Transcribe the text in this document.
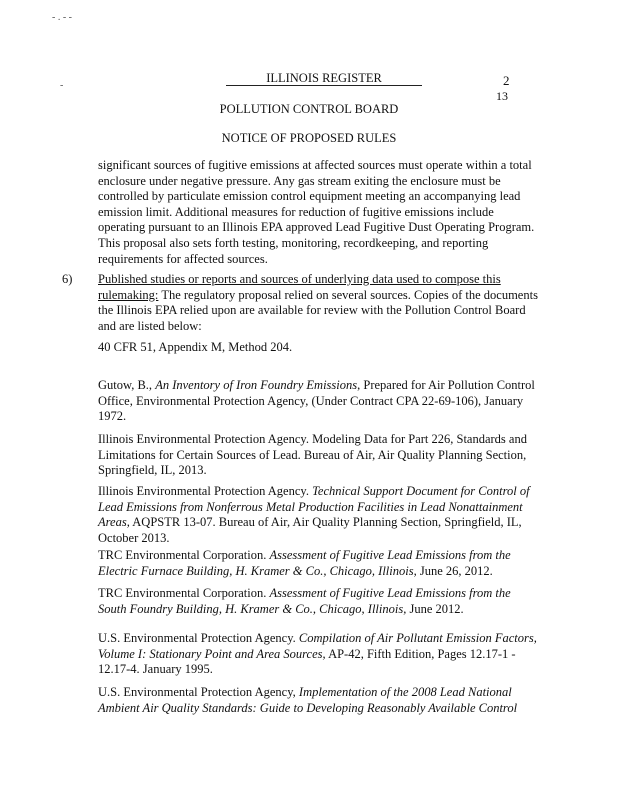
- . - -
-
ILLINOIS REGISTER	2
13
POLLUTION CONTROL BOARD
NOTICE OF PROPOSED RULES

significant sources of fugitive emissions at affected sources must operate within a total enclosure under negative pressure. Any gas stream exiting the enclosure must be controlled by particulate emission control equipment meeting an accompanying lead emission limit. Additional measures for reduction of fugitive emissions include operating pursuant to an Illinois EPA approved Lead Fugitive Dust Operating Program. This proposal also sets forth testing, monitoring, recordkeeping, and reporting requirements for affected sources.

6) Published studies or reports and sources of underlying data used to compose this rulemaking: The regulatory proposal relied on several sources. Copies of the documents the Illinois EPA relied upon are available for review with the Pollution Control Board and are listed below:

40 CFR 51, Appendix M, Method 204.

Gutow, B., An Inventory of Iron Foundry Emissions, Prepared for Air Pollution Control Office, Environmental Protection Agency, (Under Contract CPA 22-69-106), January 1972.

Illinois Environmental Protection Agency. Modeling Data for Part 226, Standards and Limitations for Certain Sources of Lead. Bureau of Air, Air Quality Planning Section, Springfield, IL, 2013.

Illinois Environmental Protection Agency. Technical Support Document for Control of Lead Emissions from Nonferrous Metal Production Facilities in Lead Nonattainment Areas, AQPSTR 13-07. Bureau of Air, Air Quality Planning Section, Springfield, IL, October 2013.

TRC Environmental Corporation. Assessment of Fugitive Lead Emissions from the Electric Furnace Building, H. Kramer & Co., Chicago, Illinois, June 26, 2012.

TRC Environmental Corporation. Assessment of Fugitive Lead Emissions from the South Foundry Building, H. Kramer & Co., Chicago, Illinois, June 2012.

U.S. Environmental Protection Agency. Compilation of Air Pollutant Emission Factors, Volume I: Stationary Point and Area Sources, AP-42, Fifth Edition, Pages 12.17-1 - 12.17-4. January 1995.

U.S. Environmental Protection Agency, Implementation of the 2008 Lead National Ambient Air Quality Standards: Guide to Developing Reasonably Available Control
